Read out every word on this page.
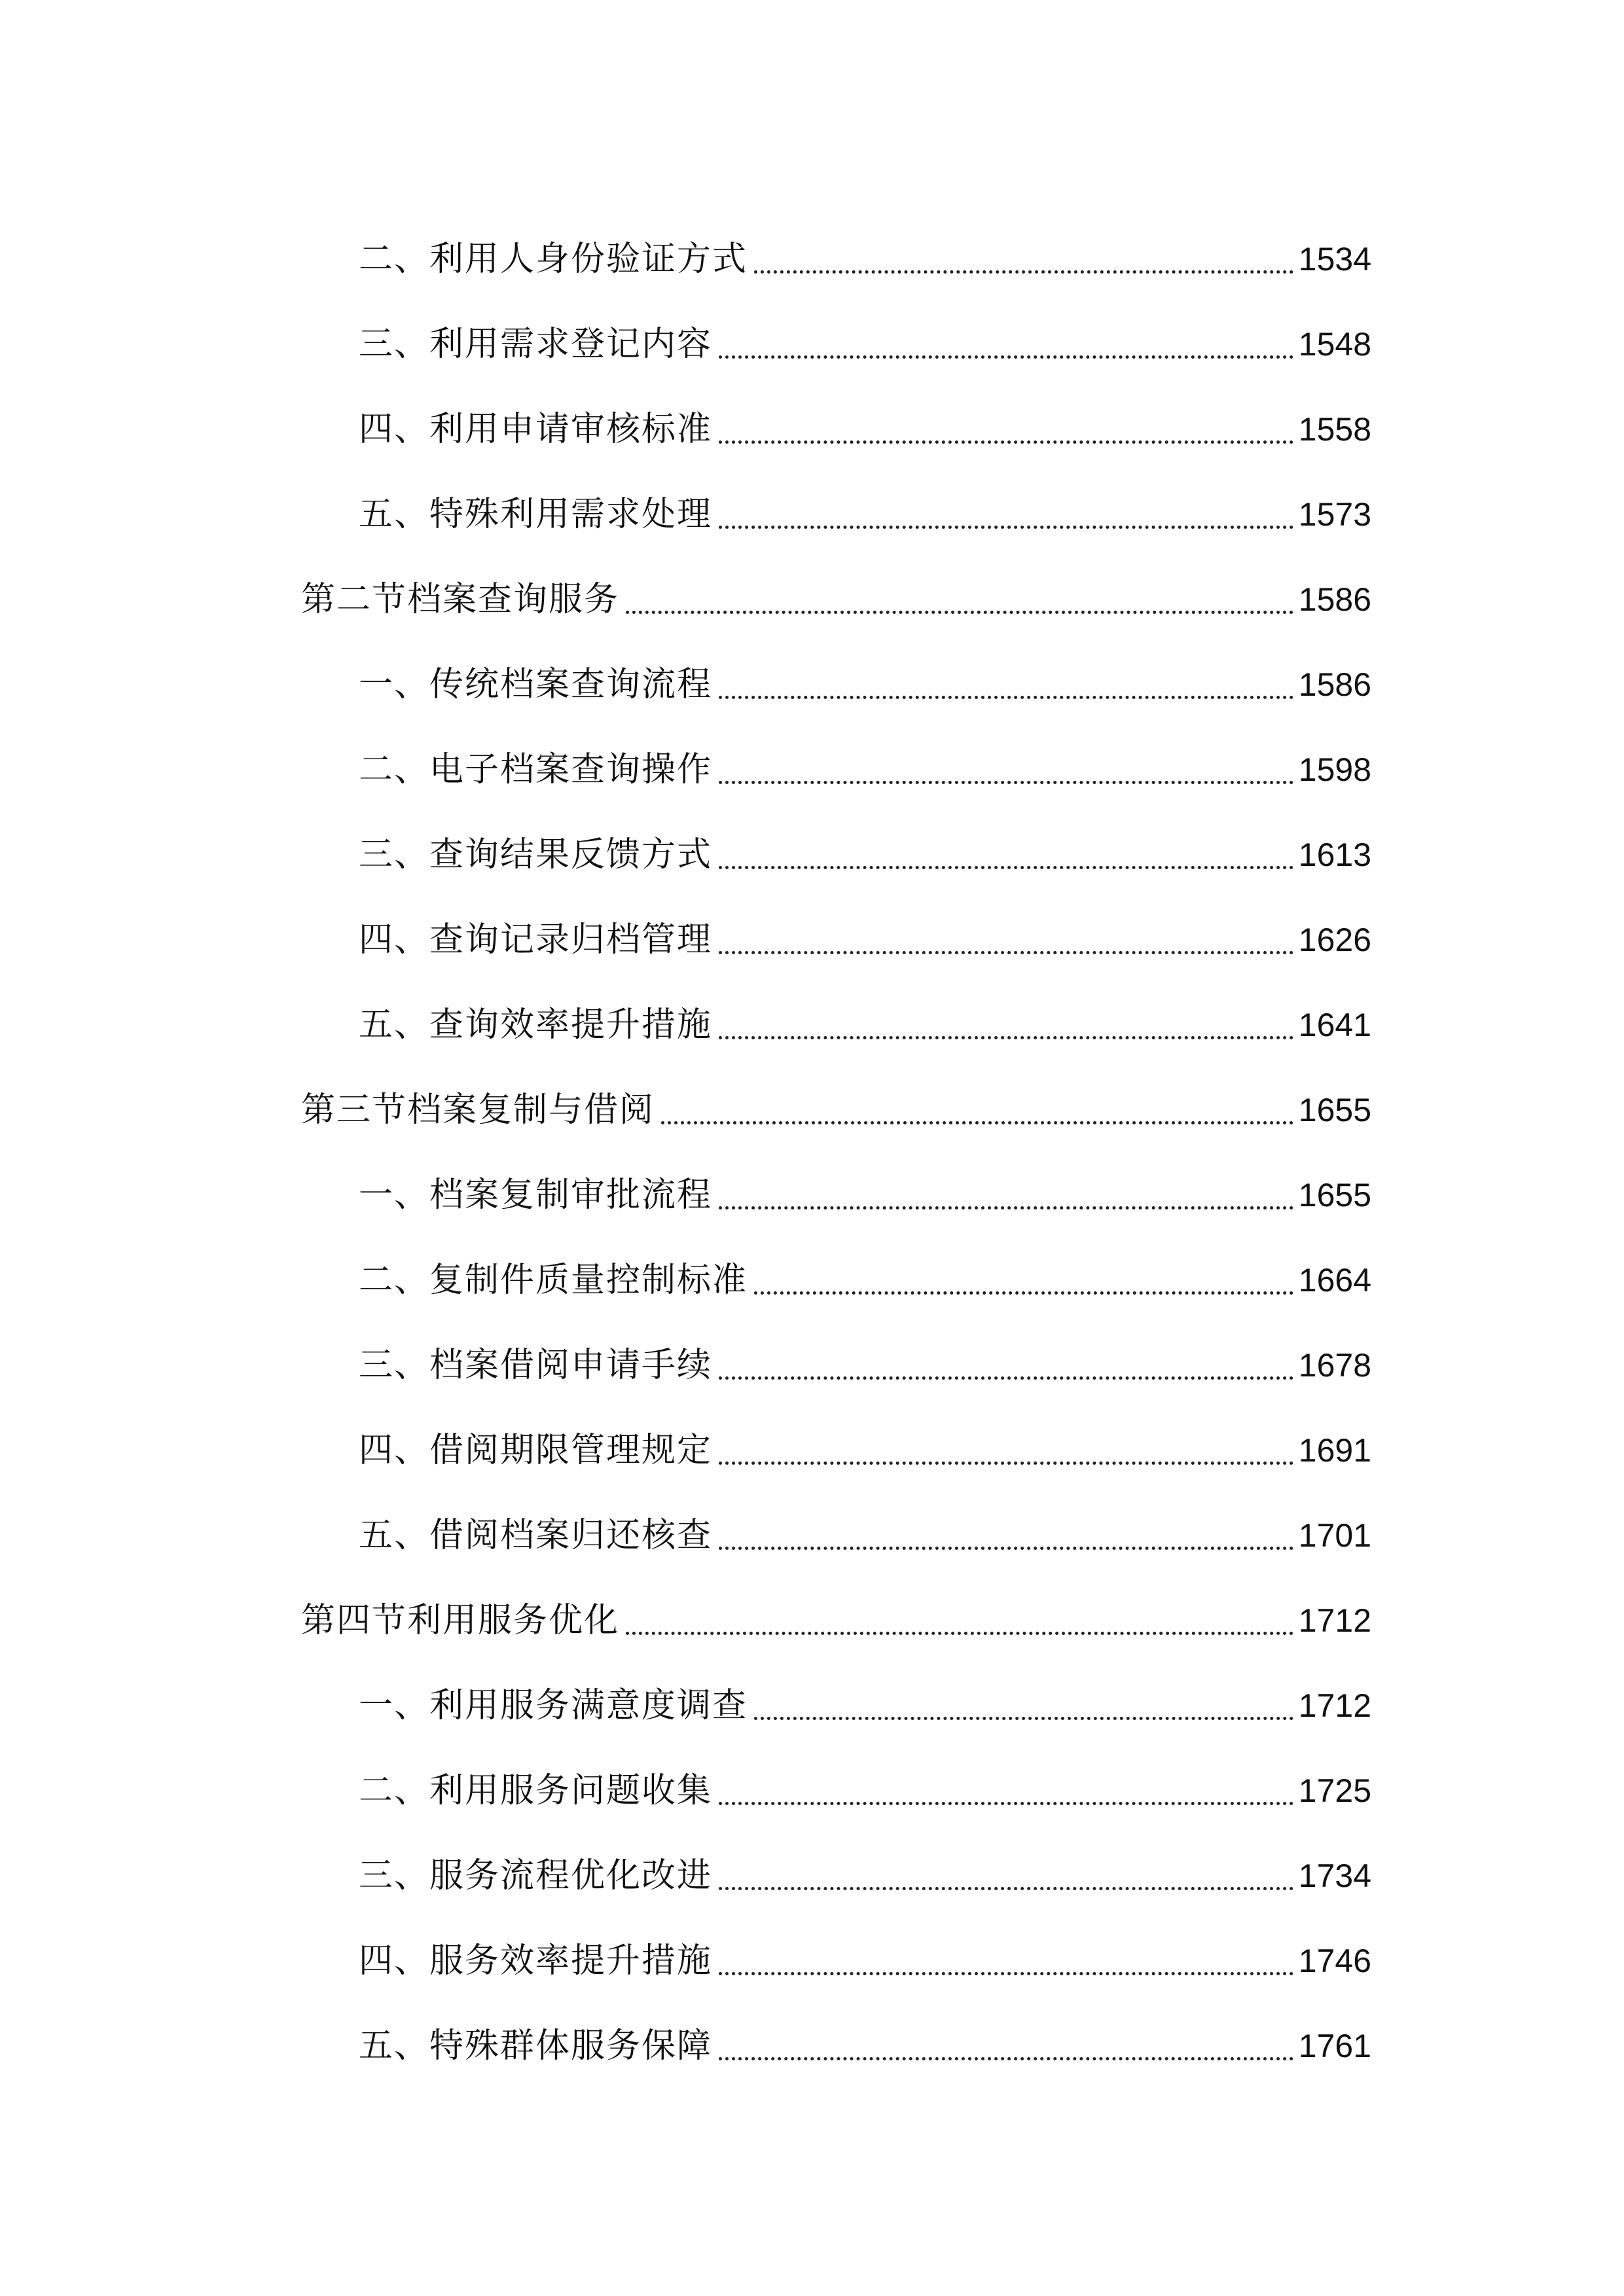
二、利用人身份验证方式	1534
三、利用需求登记内容	1548
四、利用申请审核标准	1558
五、特殊利用需求处理	1573
第二节档案查询服务	1586
一、传统档案查询流程	1586
二、电子档案查询操作	1598
三、查询结果反馈方式	1613
四、查询记录归档管理	1626
五、查询效率提升措施	1641
第三节档案复制与借阅	1655
一、档案复制审批流程	1655
二、复制件质量控制标准	1664
三、档案借阅申请手续	1678
四、借阅期限管理规定	1691
五、借阅档案归还核查	1701
第四节利用服务优化	1712
一、利用服务满意度调查	1712
二、利用服务问题收集	1725
三、服务流程优化改进	1734
四、服务效率提升措施	1746
五、特殊群体服务保障	1761
